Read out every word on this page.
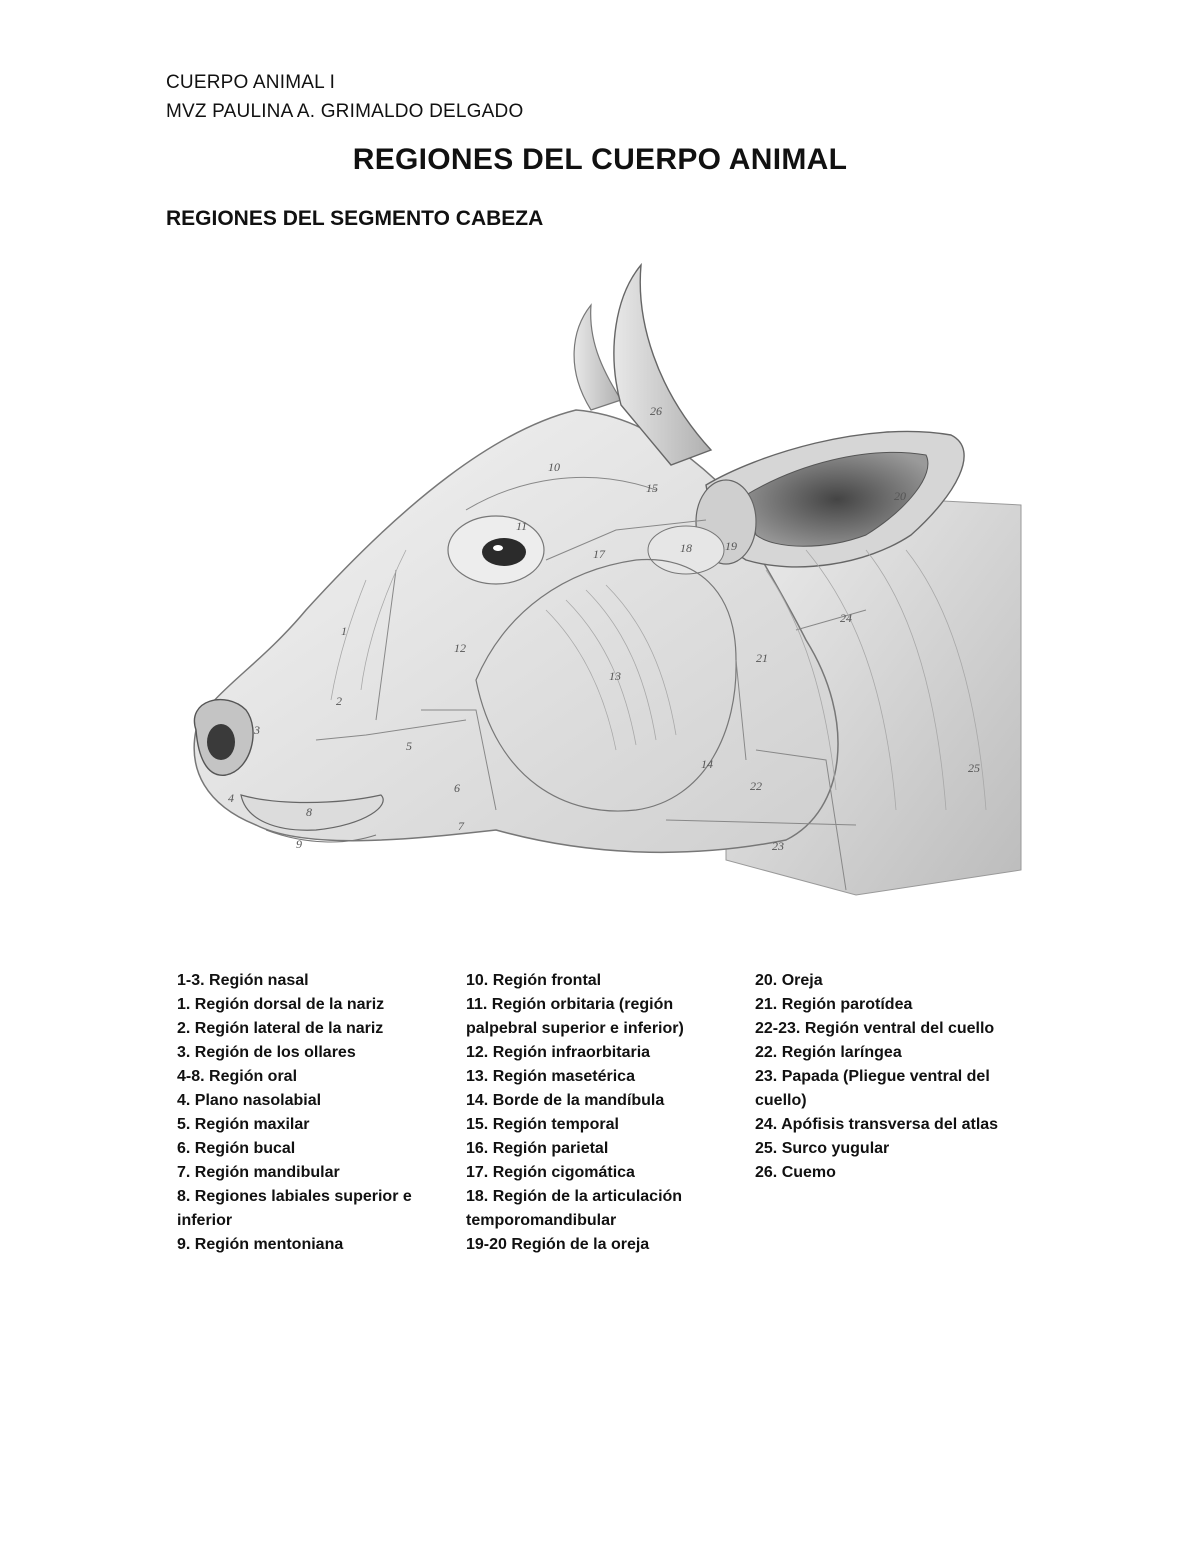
CUERPO ANIMAL I
MVZ PAULINA A. GRIMALDO DELGADO
REGIONES DEL CUERPO ANIMAL
REGIONES DEL SEGMENTO CABEZA
1
2
3
4
5
6
7
8
9
10
11
12
13
14
15
17	18	19
20
21
22
23
24
25
26
1-3. Región nasal
1. Región dorsal de la nariz
2. Región lateral de la nariz
3. Región de los ollares
4-8. Región oral
4. Plano nasolabial
5. Región maxilar
6. Región bucal
7. Región mandibular
8. Regiones labiales superior e
inferior
9. Región mentoniana
10. Región frontal
11. Región orbitaria (región
palpebral superior e inferior)
12. Región infraorbitaria
13. Región masetérica
14. Borde de la mandíbula
15. Región temporal
16. Región parietal
17. Región cigomática
18. Región de la articulación
temporomandibular
19-20 Región de la oreja
20. Oreja
21. Región parotídea
22-23. Región ventral del cuello
22. Región laríngea
23. Papada (Pliegue ventral del
cuello)
24. Apófisis transversa del atlas
25. Surco yugular
26. Cuemo
